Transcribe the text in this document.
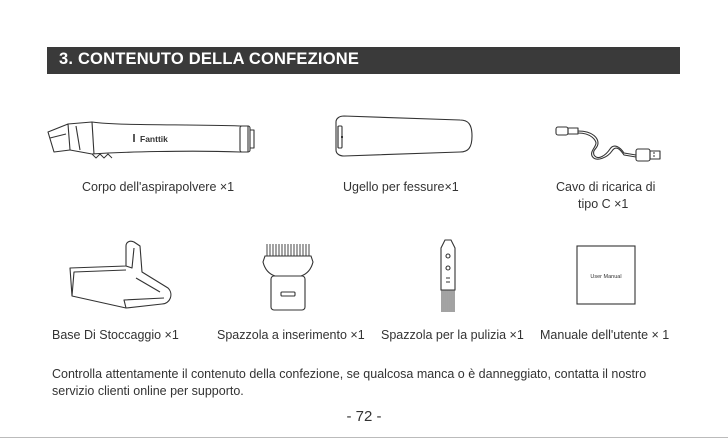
3. CONTENUTO DELLA CONFEZIONE
Fanttik
Corpo dell'aspirapolvere ×1	Ugello per fessure×1	Cavo di ricarica di
tipo C ×1
Base Di Stoccaggio ×1	Spazzola a inserimento ×1 Spazzola per la pulizia ×1
User Manual
Manuale dell'utente × 1
Controlla attentamente il contenuto della confezione, se qualcosa manca o è danneggiato, contatta il nostro servizio clienti online per supporto.
- 72 -
